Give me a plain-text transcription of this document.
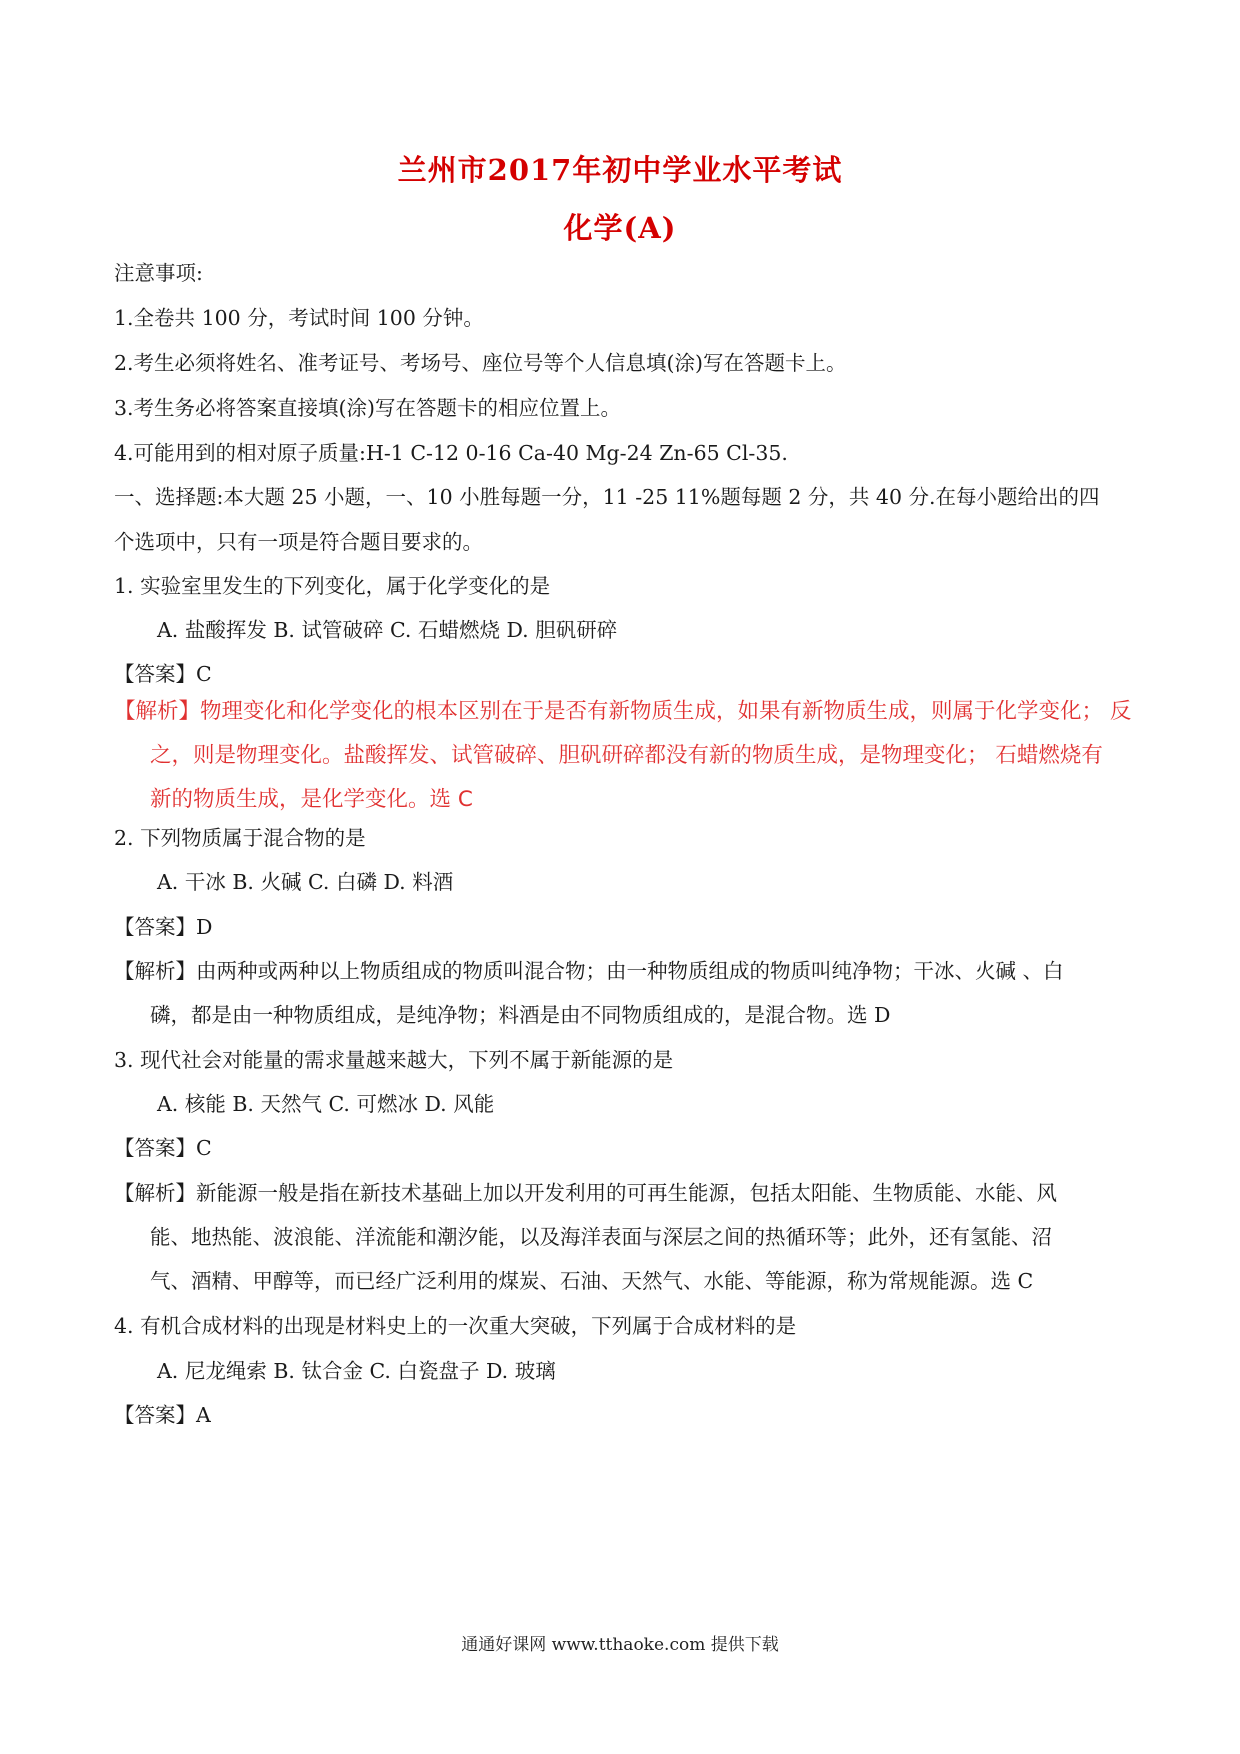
兰州市2017年初中学业水平考试
化学(A)
注意事项:
1.全卷共 100 分，考试时间 100 分钟。
2.考生必须将姓名、准考证号、考场号、座位号等个人信息填(涂)写在答题卡上。
3.考生务必将答案直接填(涂)写在答题卡的相应位置上。
4.可能用到的相对原子质量:H-1 C-12 0-16 Ca-40 Mg-24 Zn-65 Cl-35.
一、选择题:本大题 25 小题，一、10 小胜每题一分，11 -25 11%题每题 2 分，共 40 分.在每小题给出的四
个选项中，只有一项是符合题目要求的。
1. 实验室里发生的下列变化，属于化学变化的是
A. 盐酸挥发 B. 试管破碎 C. 石蜡燃烧 D. 胆矾研碎
【答案】C
【解析】物理变化和化学变化的根本区别在于是否有新物质生成，如果有新物质生成，则属于化学变化； 反
之，则是物理变化。盐酸挥发、试管破碎、胆矾研碎都没有新的物质生成，是物理变化； 石蜡燃烧有
新的物质生成，是化学变化。选 C
2. 下列物质属于混合物的是
A. 干冰 B. 火碱 C. 白磷 D. 料酒
【答案】D
【解析】由两种或两种以上物质组成的物质叫混合物；由一种物质组成的物质叫纯净物；干冰、火碱 、白
磷，都是由一种物质组成，是纯净物；料酒是由不同物质组成的，是混合物。选 D
3. 现代社会对能量的需求量越来越大，下列不属于新能源的是
A. 核能 B. 天然气 C. 可燃冰 D. 风能
【答案】C
【解析】新能源一般是指在新技术基础上加以开发利用的可再生能源，包括太阳能、生物质能、水能、风
能、地热能、波浪能、洋流能和潮汐能，以及海洋表面与深层之间的热循环等；此外，还有氢能、沼
气、酒精、甲醇等，而已经广泛利用的煤炭、石油、天然气、水能、等能源，称为常规能源。选 C
4. 有机合成材料的出现是材料史上的一次重大突破，下列属于合成材料的是
A. 尼龙绳索 B. 钛合金 C. 白瓷盘子 D. 玻璃
【答案】A
通通好课网 www.tthaoke.com 提供下载
